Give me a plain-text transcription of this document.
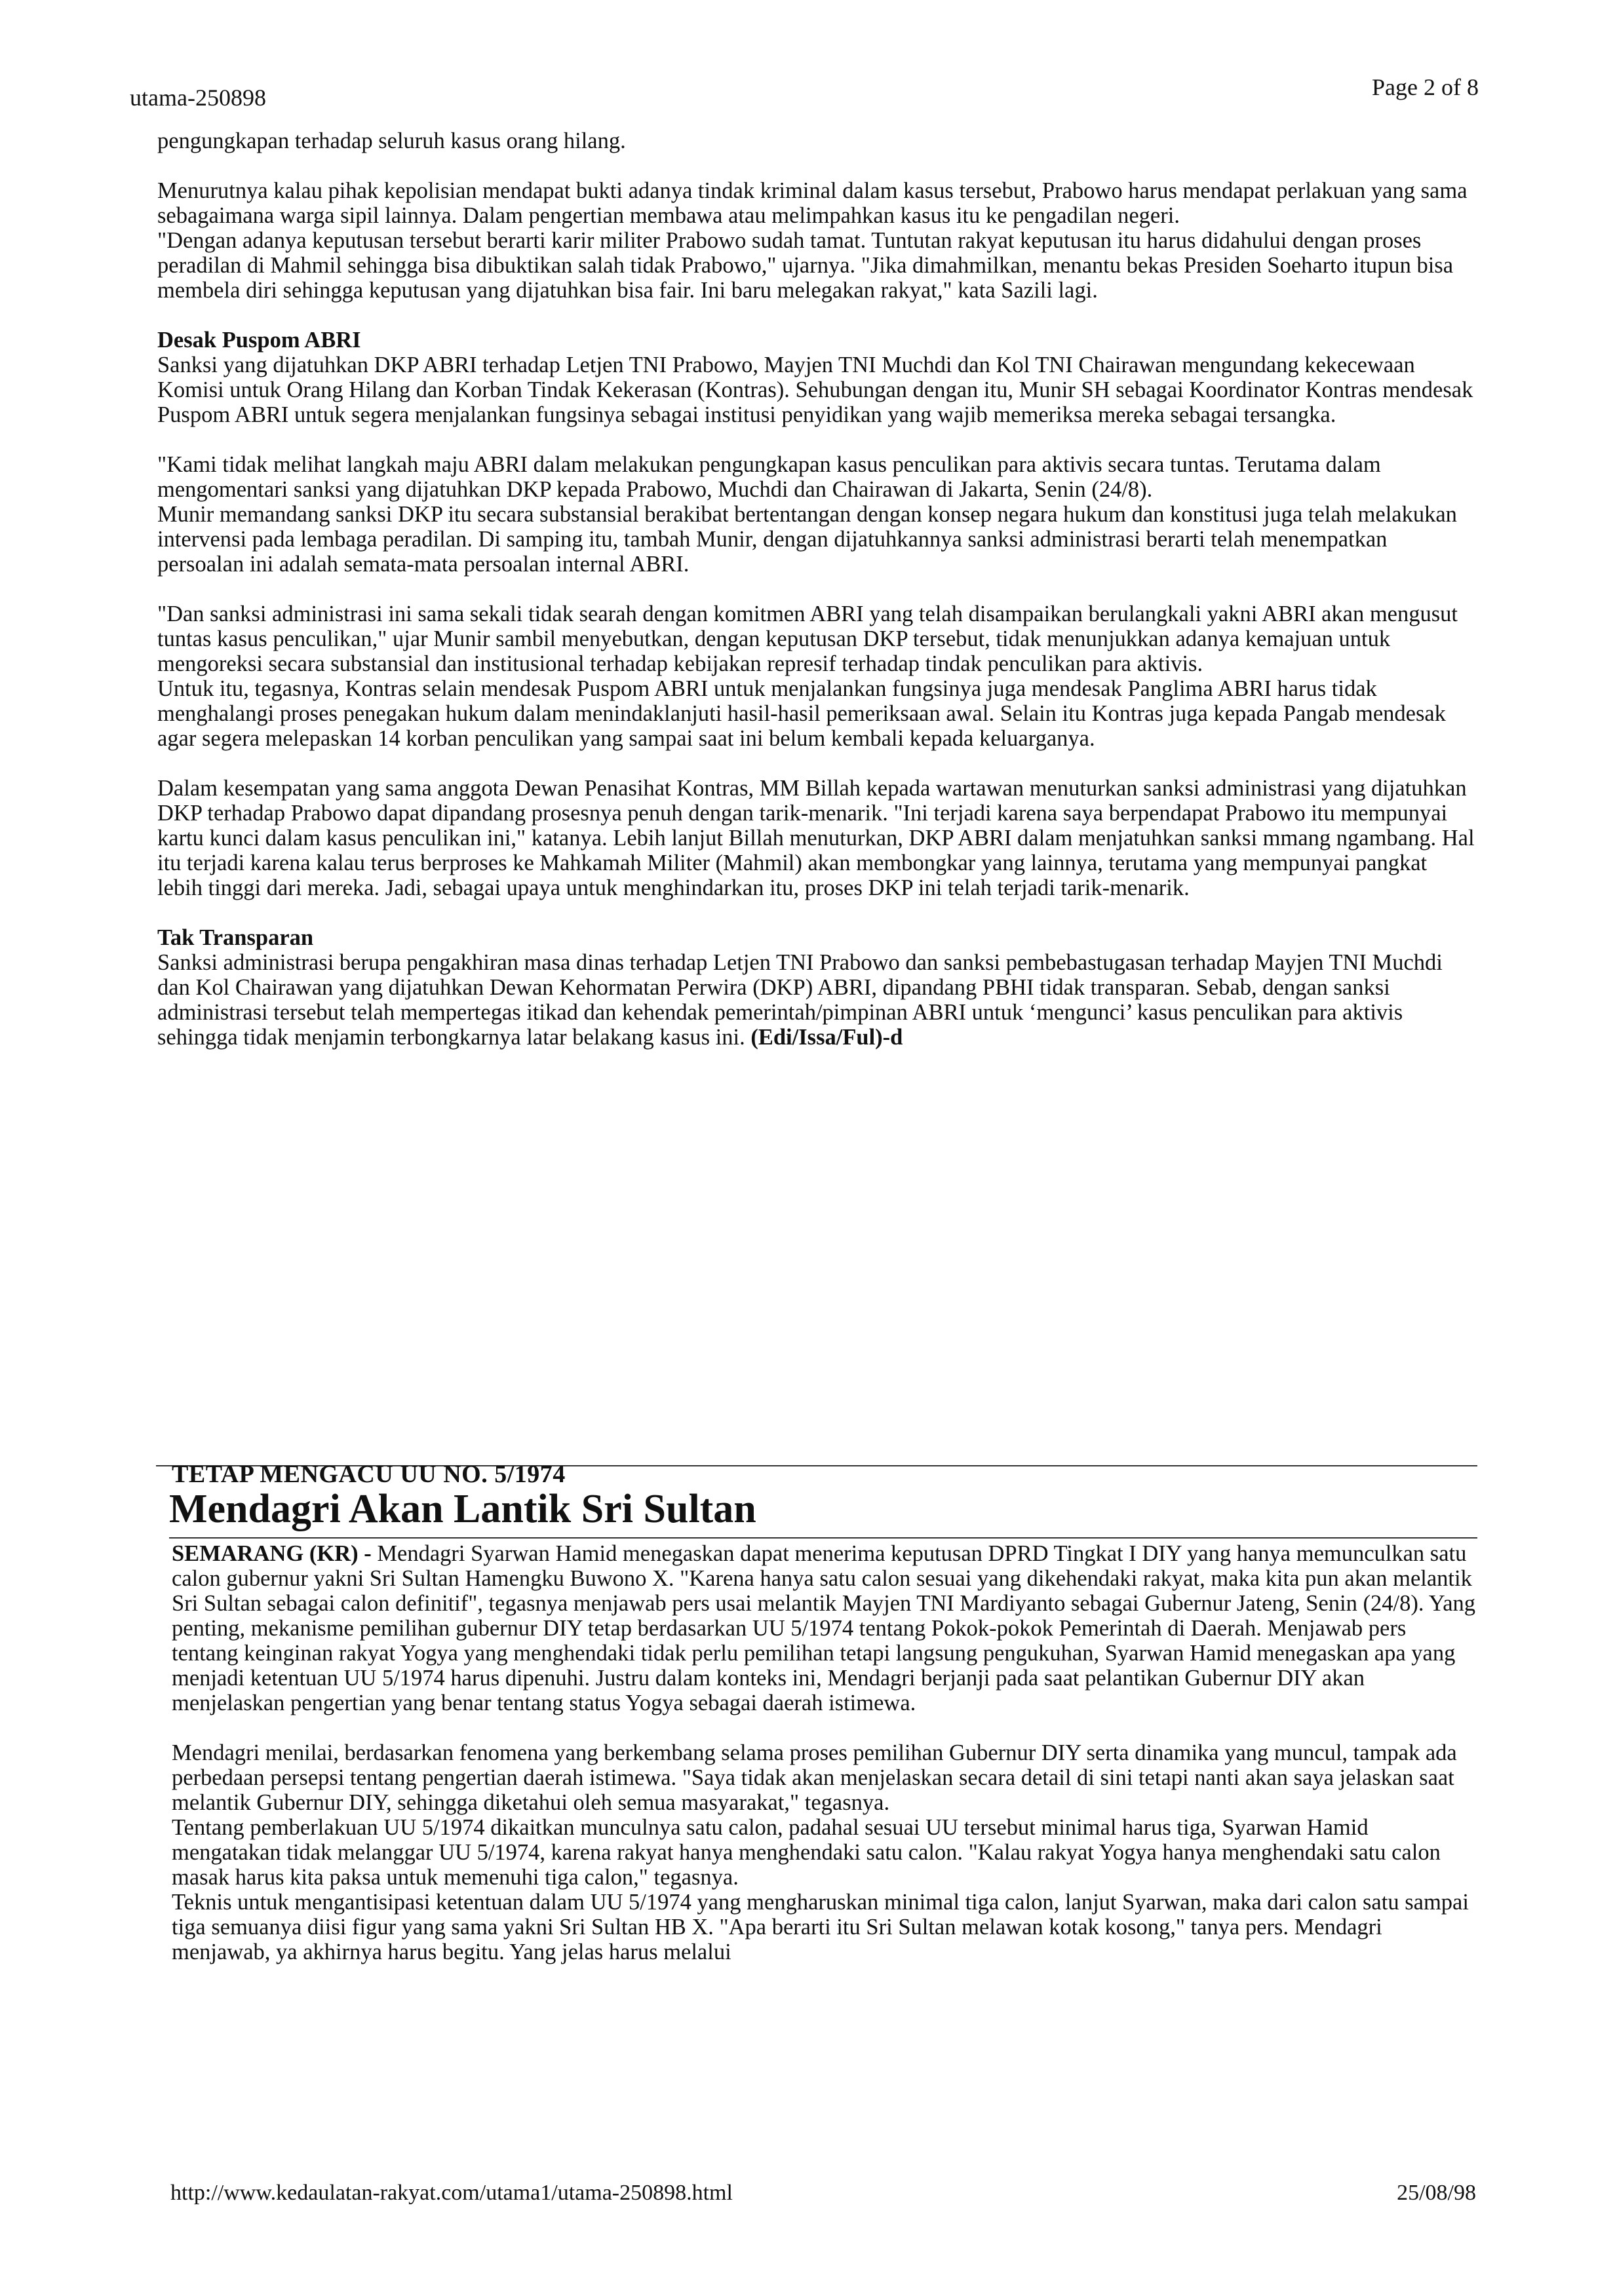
utama-250898	Page 2 of 8

pengungkapan terhadap seluruh kasus orang hilang.

Menurutnya kalau pihak kepolisian mendapat bukti adanya tindak kriminal dalam kasus tersebut, Prabowo harus mendapat perlakuan yang sama sebagaimana warga sipil lainnya. Dalam pengertian membawa atau melimpahkan kasus itu ke pengadilan negeri.

"Dengan adanya keputusan tersebut berarti karir militer Prabowo sudah tamat. Tuntutan rakyat keputusan itu harus didahului dengan proses peradilan di Mahmil sehingga bisa dibuktikan salah tidak Prabowo," ujarnya. "Jika dimahmilkan, menantu bekas Presiden Soeharto itupun bisa membela diri sehingga keputusan yang dijatuhkan bisa fair. Ini baru melegakan rakyat," kata Sazili lagi.

Desak Puspom ABRI

Sanksi yang dijatuhkan DKP ABRI terhadap Letjen TNI Prabowo, Mayjen TNI Muchdi dan Kol TNI Chairawan mengundang kekecewaan Komisi untuk Orang Hilang dan Korban Tindak Kekerasan (Kontras). Sehubungan dengan itu, Munir SH sebagai Koordinator Kontras mendesak Puspom ABRI untuk segera menjalankan fungsinya sebagai institusi penyidikan yang wajib memeriksa mereka sebagai tersangka.

"Kami tidak melihat langkah maju ABRI dalam melakukan pengungkapan kasus penculikan para aktivis secara tuntas. Terutama dalam mengomentari sanksi yang dijatuhkan DKP kepada Prabowo, Muchdi dan Chairawan di Jakarta, Senin (24/8).

Munir memandang sanksi DKP itu secara substansial berakibat bertentangan dengan konsep negara hukum dan konstitusi juga telah melakukan intervensi pada lembaga peradilan. Di samping itu, tambah Munir, dengan dijatuhkannya sanksi administrasi berarti telah menempatkan persoalan ini adalah semata-mata persoalan internal ABRI.

"Dan sanksi administrasi ini sama sekali tidak searah dengan komitmen ABRI yang telah disampaikan berulangkali yakni ABRI akan mengusut tuntas kasus penculikan," ujar Munir sambil menyebutkan, dengan keputusan DKP tersebut, tidak menunjukkan adanya kemajuan untuk mengoreksi secara substansial dan institusional terhadap kebijakan represif terhadap tindak penculikan para aktivis.

Untuk itu, tegasnya, Kontras selain mendesak Puspom ABRI untuk menjalankan fungsinya juga mendesak Panglima ABRI harus tidak menghalangi proses penegakan hukum dalam menindaklanjuti hasil-hasil pemeriksaan awal. Selain itu Kontras juga kepada Pangab mendesak agar segera melepaskan 14 korban penculikan yang sampai saat ini belum kembali kepada keluarganya.

Dalam kesempatan yang sama anggota Dewan Penasihat Kontras, MM Billah kepada wartawan menuturkan sanksi administrasi yang dijatuhkan DKP terhadap Prabowo dapat dipandang prosesnya penuh dengan tarik-menarik. "Ini terjadi karena saya berpendapat Prabowo itu mempunyai kartu kunci dalam kasus penculikan ini," katanya. Lebih lanjut Billah menuturkan, DKP ABRI dalam menjatuhkan sanksi mmang ngambang. Hal itu terjadi karena kalau terus berproses ke Mahkamah Militer (Mahmil) akan membongkar yang lainnya, terutama yang mempunyai pangkat lebih tinggi dari mereka. Jadi, sebagai upaya untuk menghindarkan itu, proses DKP ini telah terjadi tarik-menarik.

Tak Transparan

Sanksi administrasi berupa pengakhiran masa dinas terhadap Letjen TNI Prabowo dan sanksi pembebastugasan terhadap Mayjen TNI Muchdi dan Kol Chairawan yang dijatuhkan Dewan Kehormatan Perwira (DKP) ABRI, dipandang PBHI tidak transparan. Sebab, dengan sanksi administrasi tersebut telah mempertegas itikad dan kehendak pemerintah/pimpinan ABRI untuk ‘mengunci’ kasus penculikan para aktivis sehingga tidak menjamin terbongkarnya latar belakang kasus ini. (Edi/Issa/Ful)-d

TETAP MENGACU UU NO. 5/1974
Mendagri Akan Lantik Sri Sultan

SEMARANG (KR) - Mendagri Syarwan Hamid menegaskan dapat menerima keputusan DPRD Tingkat I DIY yang hanya memunculkan satu calon gubernur yakni Sri Sultan Hamengku Buwono X. "Karena hanya satu calon sesuai yang dikehendaki rakyat, maka kita pun akan melantik Sri Sultan sebagai calon definitif", tegasnya menjawab pers usai melantik Mayjen TNI Mardiyanto sebagai Gubernur Jateng, Senin (24/8). Yang penting, mekanisme pemilihan gubernur DIY tetap berdasarkan UU 5/1974 tentang Pokok-pokok Pemerintah di Daerah. Menjawab pers tentang keinginan rakyat Yogya yang menghendaki tidak perlu pemilihan tetapi langsung pengukuhan, Syarwan Hamid menegaskan apa yang menjadi ketentuan UU 5/1974 harus dipenuhi. Justru dalam konteks ini, Mendagri berjanji pada saat pelantikan Gubernur DIY akan menjelaskan pengertian yang benar tentang status Yogya sebagai daerah istimewa.

Mendagri menilai, berdasarkan fenomena yang berkembang selama proses pemilihan Gubernur DIY serta dinamika yang muncul, tampak ada perbedaan persepsi tentang pengertian daerah istimewa. "Saya tidak akan menjelaskan secara detail di sini tetapi nanti akan saya jelaskan saat melantik Gubernur DIY, sehingga diketahui oleh semua masyarakat," tegasnya.

Tentang pemberlakuan UU 5/1974 dikaitkan munculnya satu calon, padahal sesuai UU tersebut minimal harus tiga, Syarwan Hamid mengatakan tidak melanggar UU 5/1974, karena rakyat hanya menghendaki satu calon. "Kalau rakyat Yogya hanya menghendaki satu calon masak harus kita paksa untuk memenuhi tiga calon," tegasnya.

Teknis untuk mengantisipasi ketentuan dalam UU 5/1974 yang mengharuskan minimal tiga calon, lanjut Syarwan, maka dari calon satu sampai tiga semuanya diisi figur yang sama yakni Sri Sultan HB X. "Apa berarti itu Sri Sultan melawan kotak kosong," tanya pers. Mendagri menjawab, ya akhirnya harus begitu. Yang jelas harus melalui

http://www.kedaulatan-rakyat.com/utama1/utama-250898.html	25/08/98
